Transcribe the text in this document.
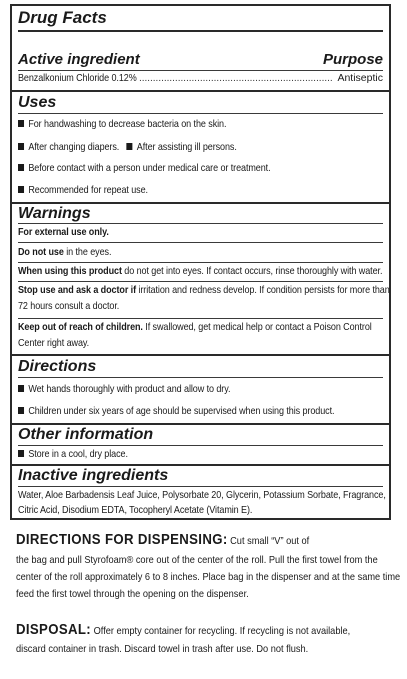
Drug Facts
Active ingredient	Purpose
Benzalkonium Chloride 0.12% ...................................................................... Antiseptic
Uses
For handwashing to decrease bacteria on the skin.
After changing diapers. After assisting ill persons.
Before contact with a person under medical care or treatment.
Recommended for repeat use.
Warnings
For external use only.
Do not use in the eyes.
When using this product do not get into eyes. If contact occurs, rinse thoroughly with water.
Stop use and ask a doctor if irritation and redness develop. If condition persists for more than
72 hours consult a doctor.
Keep out of reach of children. If swallowed, get medical help or contact a Poison Control
Center right away.
Directions
Wet hands thoroughly with product and allow to dry.
Children under six years of age should be supervised when using this product.
Other information
Store in a cool, dry place.
Inactive ingredients
Water, Aloe Barbadensis Leaf Juice, Polysorbate 20, Glycerin, Potassium Sorbate, Fragrance,
Citric Acid, Disodium EDTA, Tocopheryl Acetate (Vitamin E).
DIRECTIONS FOR DISPENSING: Cut small “V” out of
the bag and pull Styrofoam® core out of the center of the roll. Pull the first towel from the
center of the roll approximately 6 to 8 inches. Place bag in the dispenser and at the same time
feed the first towel through the opening on the dispenser.
DISPOSAL: Offer empty container for recycling. If recycling is not available,
discard container in trash. Discard towel in trash after use. Do not flush.
